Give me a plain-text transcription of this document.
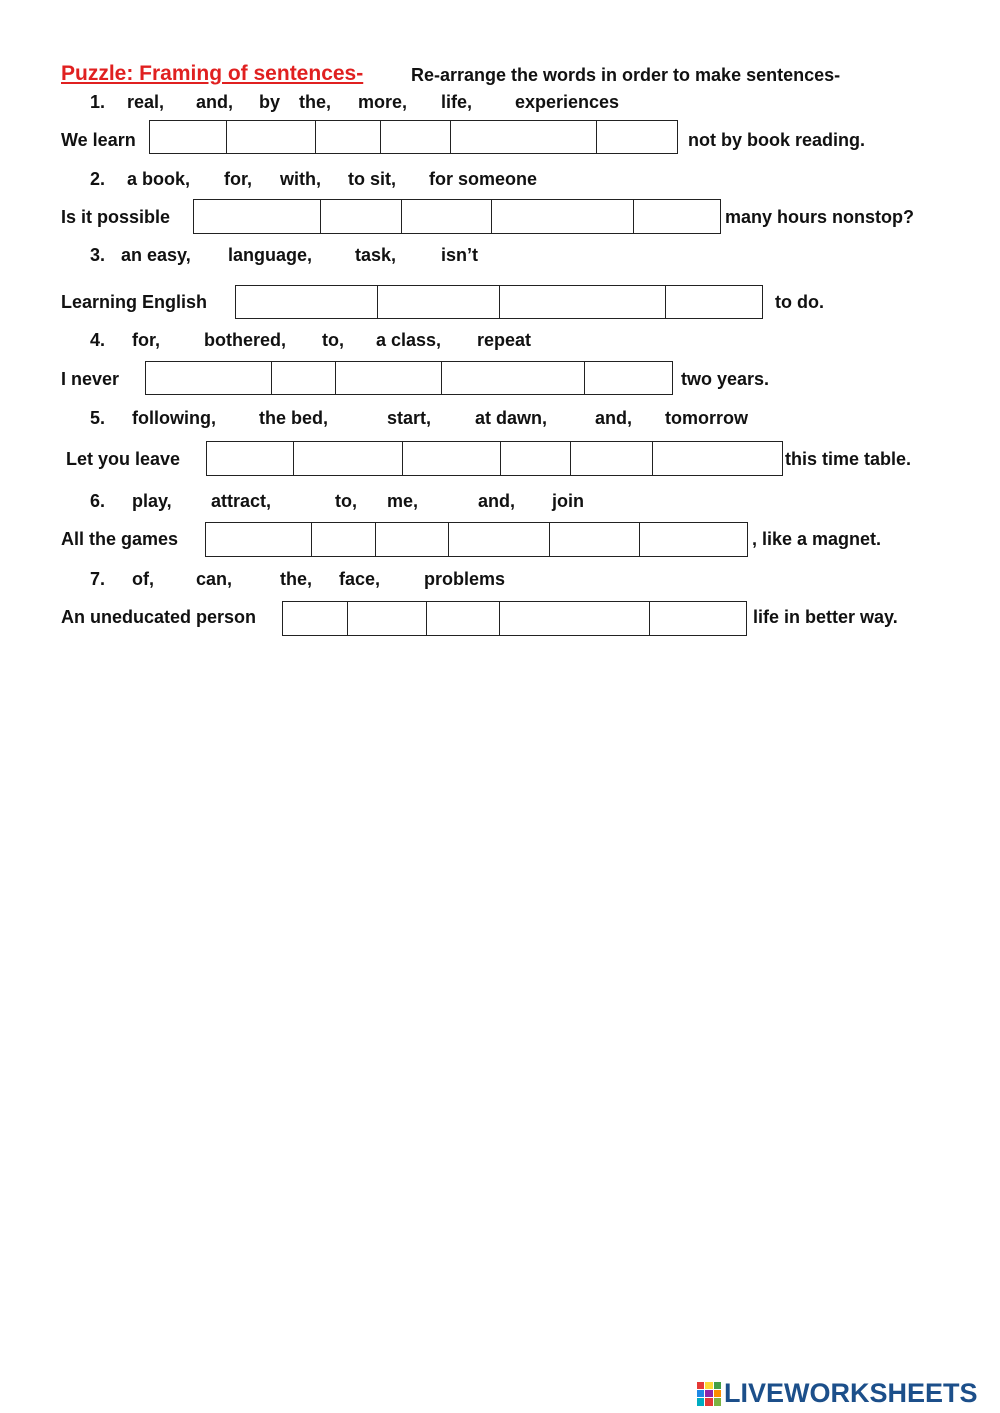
Puzzle: Framing of sentences-	Re-arrange the words in order to make sentences-
1. real, and, by the, more, life, experiences
We learn	not by book reading.
2. a book, for, with, to sit, for someone
Is it possible	many hours nonstop?
3. an easy, language, task, isn’t
Learning English	to do.
4. for, bothered, to, a class, repeat
I never	two years.
5. following, the bed,	start, at dawn,	and, tomorrow
Let you leave	this time table.
6. play, attract,	to, me,	and, join
All the games	, like a magnet.
7. of, can,	the, face, problems
An uneducated person	life in better way.
LIVEWORKSHEETS
